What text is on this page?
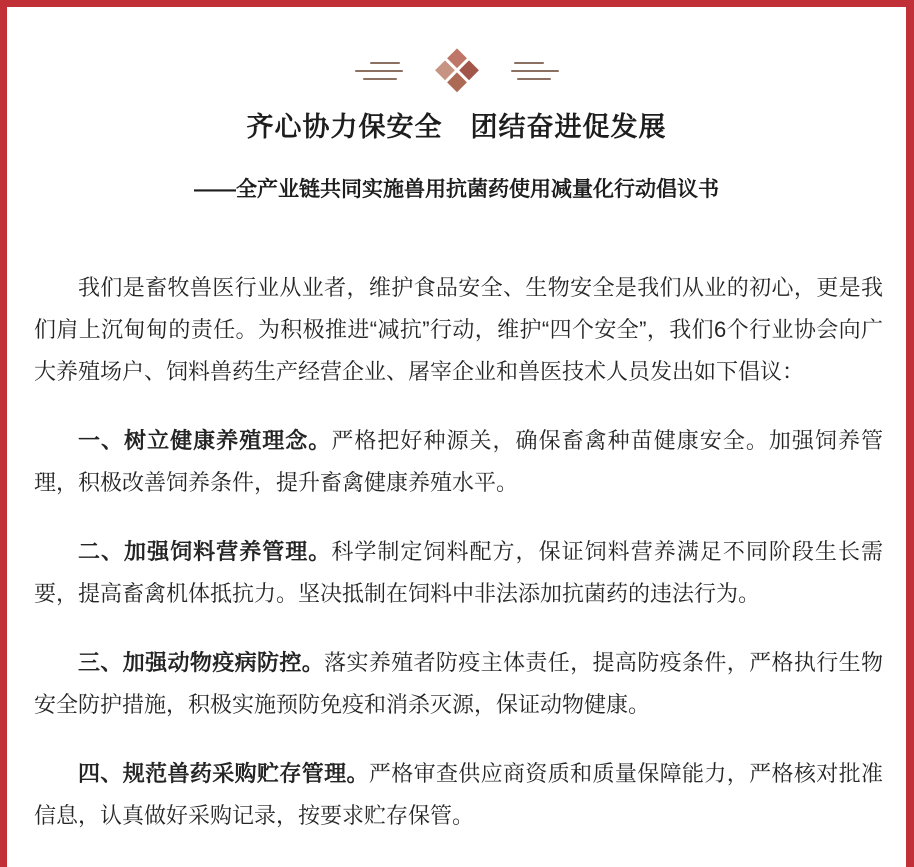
齐心协力保安全　团结奋进促发展
——全产业链共同实施兽用抗菌药使用减量化行动倡议书

我们是畜牧兽医行业从业者，维护食品安全、生物安全是我们从业的初心，更是我们肩上沉甸甸的责任。为积极推进“减抗”行动，维护“四个安全”，我们6个行业协会向广大养殖场户、饲料兽药生产经营企业、屠宰企业和兽医技术人员发出如下倡议：

一、树立健康养殖理念。严格把好种源关，确保畜禽种苗健康安全。加强饲养管理，积极改善饲养条件，提升畜禽健康养殖水平。

二、加强饲料营养管理。科学制定饲料配方，保证饲料营养满足不同阶段生长需要，提高畜禽机体抵抗力。坚决抵制在饲料中非法添加抗菌药的违法行为。

三、加强动物疫病防控。落实养殖者防疫主体责任，提高防疫条件，严格执行生物安全防护措施，积极实施预防免疫和消杀灭源，保证动物健康。

四、规范兽药采购贮存管理。严格审查供应商资质和质量保障能力，严格核对批准信息，认真做好采购记录，按要求贮存保管。
